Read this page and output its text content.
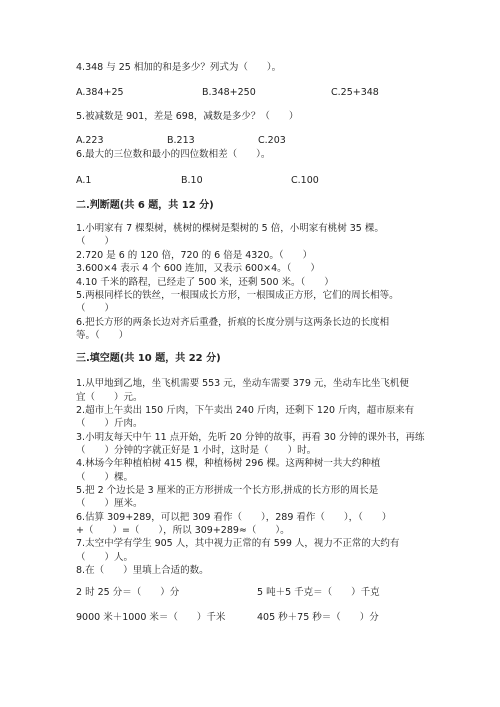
4.348 与 25 相加的和是多少？列式为（　　）。
A.384+25	B.348+250	C.25+348
5.被减数是 901，差是 698，减数是多少？（　　）
A.223	B.213	C.203
6.最大的三位数和最小的四位数相差（　　）。
A.1	B.10	C.100
二.判断题(共 6 题，共 12 分)
1.小明家有 7 棵梨树，桃树的棵树是梨树的 5 倍，小明家有桃树 35 棵。
（　　）
2.720 是 6 的 120 倍，720 的 6 倍是 4320。（　　）
3.600×4 表示 4 个 600 连加，又表示 600×4。（　　）
4.10 千米的路程，已经走了 500 米，还剩 500 米。（　　）
5.两根同样长的铁丝，一根围成长方形，一根围成正方形，它们的周长相等。
（　　）
6.把长方形的两条长边对齐后重叠，折痕的长度分别与这两条长边的长度相
等。（　　）
三.填空题(共 10 题，共 22 分)
1.从甲地到乙地，坐飞机需要 553 元，坐动车需要 379 元，坐动车比坐飞机便
宜（　　）元。
2.超市上午卖出 150 斤肉，下午卖出 240 斤肉，还剩下 120 斤肉，超市原来有
（　　）斤肉。
3.小明友每天中午 11 点开始，先听 20 分钟的故事，再看 30 分钟的课外书，再练
（　　）分钟的字就正好是 1 小时，这时是（　　）时。
4.林场今年种植柏树 415 棵，种植杨树 296 棵。这两种树一共大约种植
（　　）棵。
5.把 2 个边长是 3 厘米的正方形拼成一个长方形,拼成的长方形的周长是
（　　）厘米。
6.估算 309+289，可以把 309 看作（　　），289 看作（　　），（　　）
+（　　）=（　　），所以 309+289≈（　　）。
7.太空中学有学生 905 人，其中视力正常的有 599 人，视力不正常的大约有
（　　）人。
8.在（　　）里填上合适的数。
2 时 25 分＝（　　）分	5 吨＋5 千克＝（　　）千克
9000 米＋1000 米＝（　　）千米	405 秒＋75 秒＝（　　）分
